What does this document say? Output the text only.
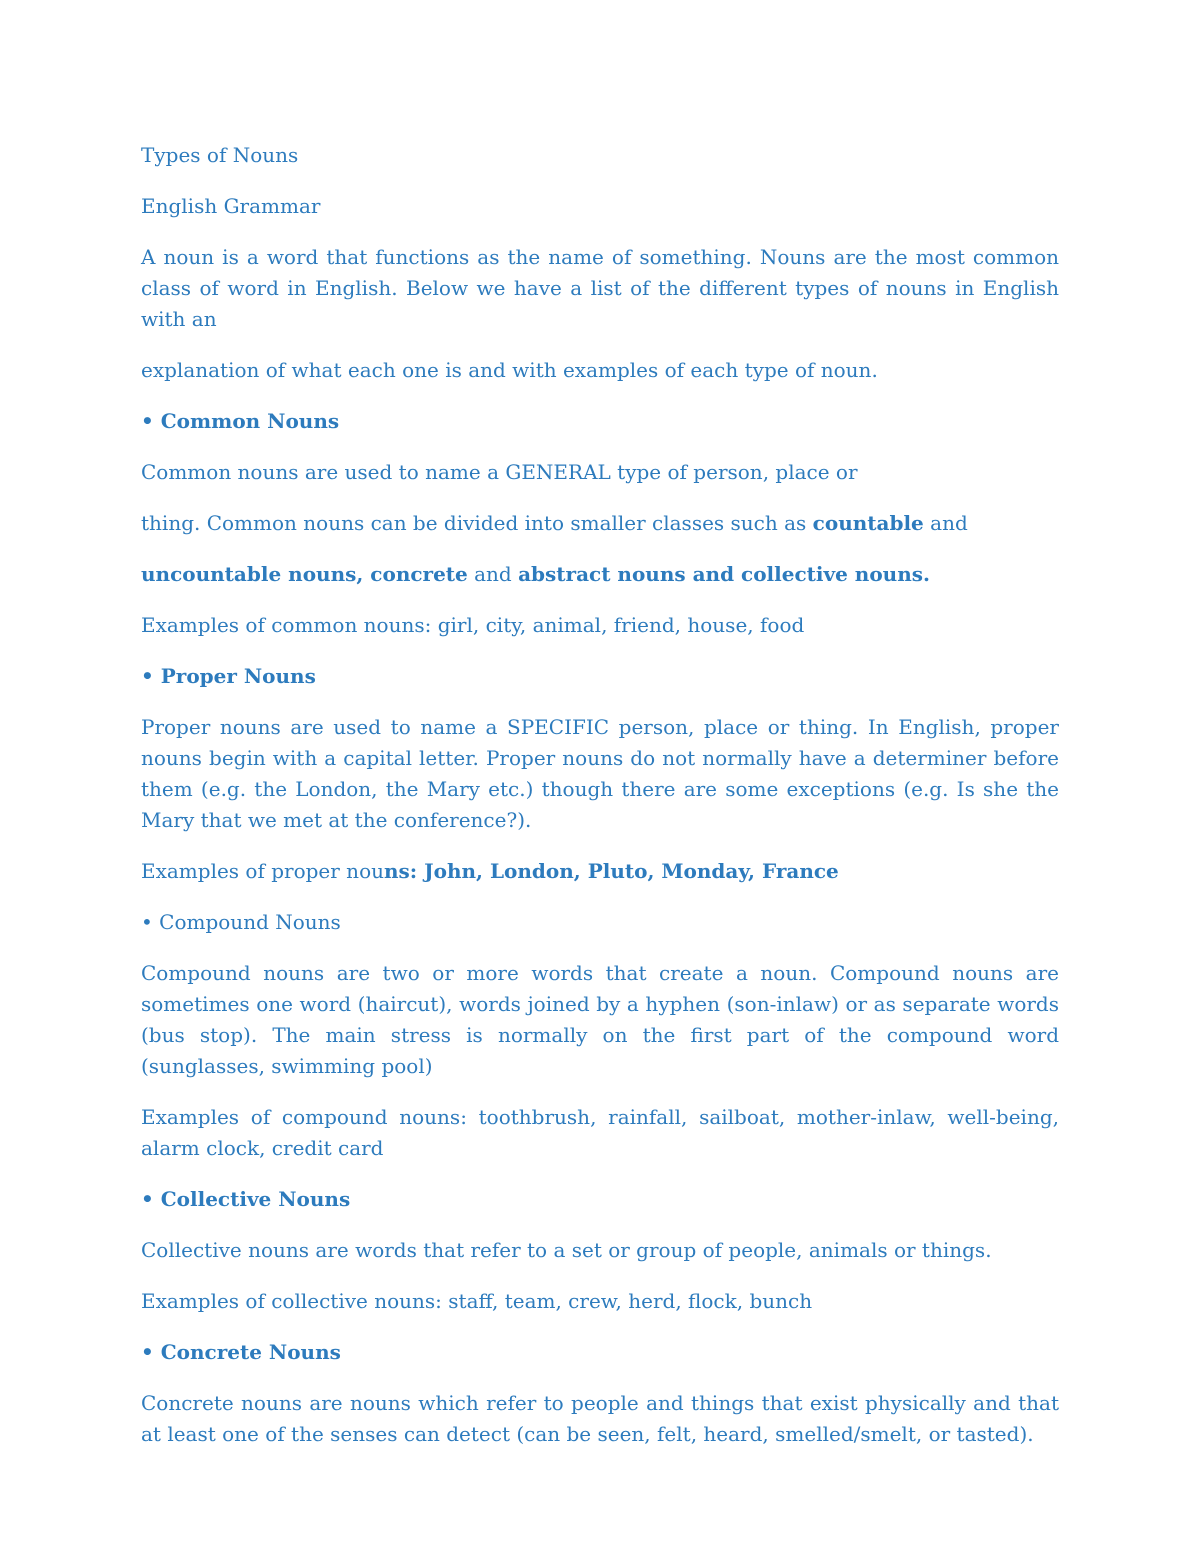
Types of Nouns

English Grammar

A noun is a word that functions as the name of something. Nouns are the most common class of word in English. Below we have a list of the different types of nouns in English with an

explanation of what each one is and with examples of each type of noun.

• Common Nouns

Common nouns are used to name a GENERAL type of person, place or

thing. Common nouns can be divided into smaller classes such as countable and

uncountable nouns, concrete and abstract nouns and collective nouns.

Examples of common nouns: girl, city, animal, friend, house, food

• Proper Nouns

Proper nouns are used to name a SPECIFIC person, place or thing. In English, proper nouns begin with a capital letter. Proper nouns do not normally have a determiner before them (e.g. the London, the Mary etc.) though there are some exceptions (e.g. Is she the Mary that we met at the conference?).

Examples of proper nouns: John, London, Pluto, Monday, France

• Compound Nouns

Compound nouns are two or more words that create a noun. Compound nouns are sometimes one word (haircut), words joined by a hyphen (son-inlaw) or as separate words (bus stop). The main stress is normally on the first part of the compound word (sunglasses, swimming pool)

Examples of compound nouns: toothbrush, rainfall, sailboat, mother-inlaw, well-being, alarm clock, credit card

• Collective Nouns

Collective nouns are words that refer to a set or group of people, animals or things.

Examples of collective nouns: staff, team, crew, herd, flock, bunch

• Concrete Nouns

Concrete nouns are nouns which refer to people and things that exist physically and that at least one of the senses can detect (can be seen, felt, heard, smelled/smelt, or tasted).
